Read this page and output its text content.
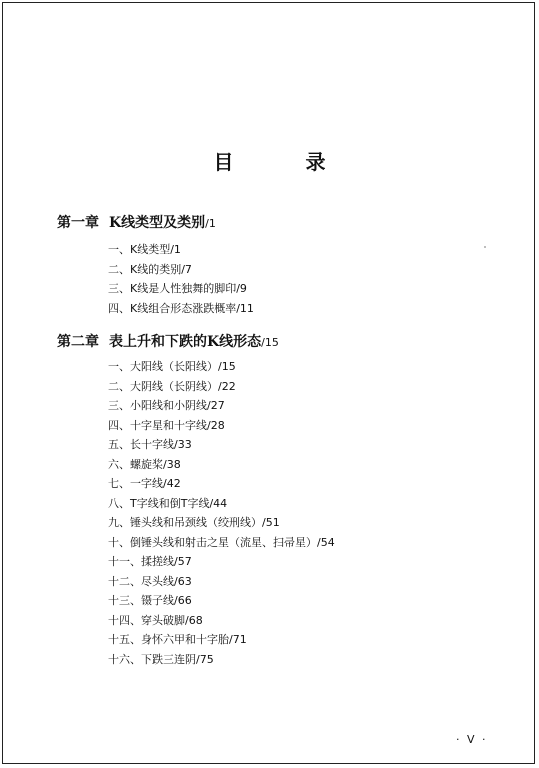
目　录
第一章 K线类型及类别/1
一、K线类型/1
二、K线的类别/7
三、K线是人性独舞的脚印/9
四、K线组合形态涨跌概率/11
第二章 表上升和下跌的K线形态/15
一、大阳线（长阳线）/15
二、大阴线（长阴线）/22
三、小阳线和小阴线/27
四、十字星和十字线/28
五、长十字线/33
六、螺旋桨/38
七、一字线/42
八、T字线和倒T字线/44
九、锤头线和吊颈线（绞刑线）/51
十、倒锤头线和射击之星（流星、扫帚星）/54
十一、揉搓线/57
十二、尽头线/63
十三、镊子线/66
十四、穿头破脚/68
十五、身怀六甲和十字胎/71
十六、下跌三连阴/75
· V ·
